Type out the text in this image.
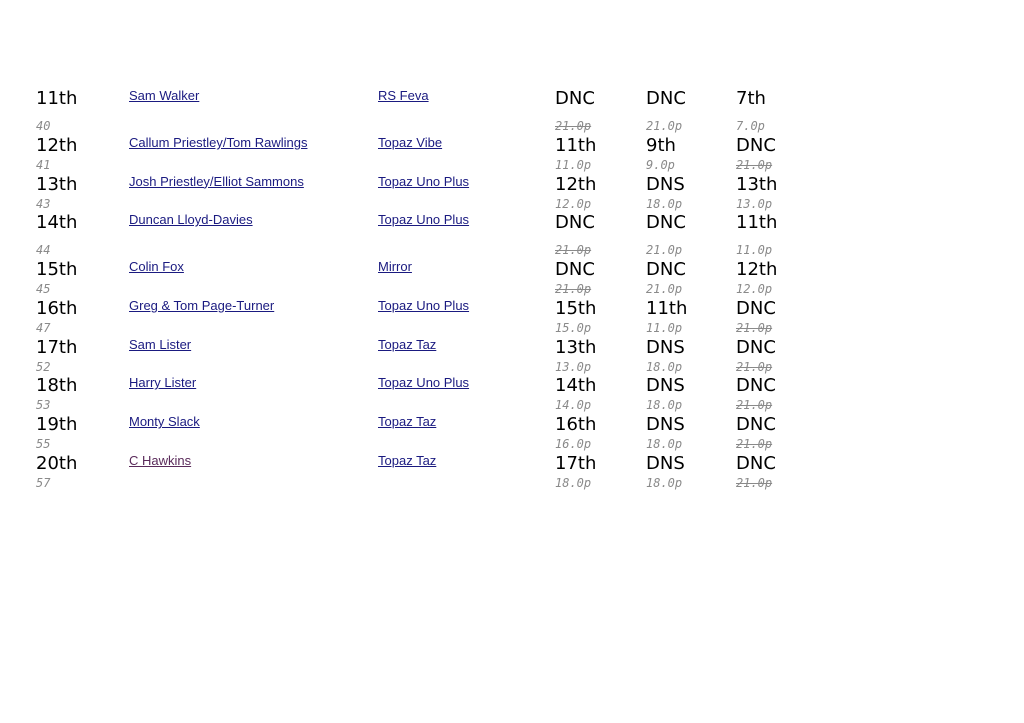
11th	Sam Walker	RS Feva	DNC	DNC	7th
40	21.0p	21.0p	7.0p
12th	Callum Priestley/Tom Rawlings	Topaz Vibe	11th	9th	DNC
41	11.0p	9.0p	21.0p
13th	Josh Priestley/Elliot Sammons	Topaz Uno Plus	12th	DNS	13th
43	12.0p	18.0p	13.0p
14th	Duncan Lloyd-Davies	Topaz Uno Plus	DNC	DNC	11th
44	21.0p	21.0p	11.0p
15th	Colin Fox	Mirror	DNC	DNC	12th
45	21.0p	21.0p	12.0p
16th	Greg & Tom Page-Turner	Topaz Uno Plus	15th	11th	DNC
47	15.0p	11.0p	21.0p
17th	Sam Lister	Topaz Taz	13th	DNS	DNC
52	13.0p	18.0p	21.0p
18th	Harry Lister	Topaz Uno Plus	14th	DNS	DNC
53	14.0p	18.0p	21.0p
19th	Monty Slack	Topaz Taz	16th	DNS	DNC
55	16.0p	18.0p	21.0p
20th	C Hawkins	Topaz Taz	17th	DNS	DNC
57	18.0p	18.0p	21.0p
